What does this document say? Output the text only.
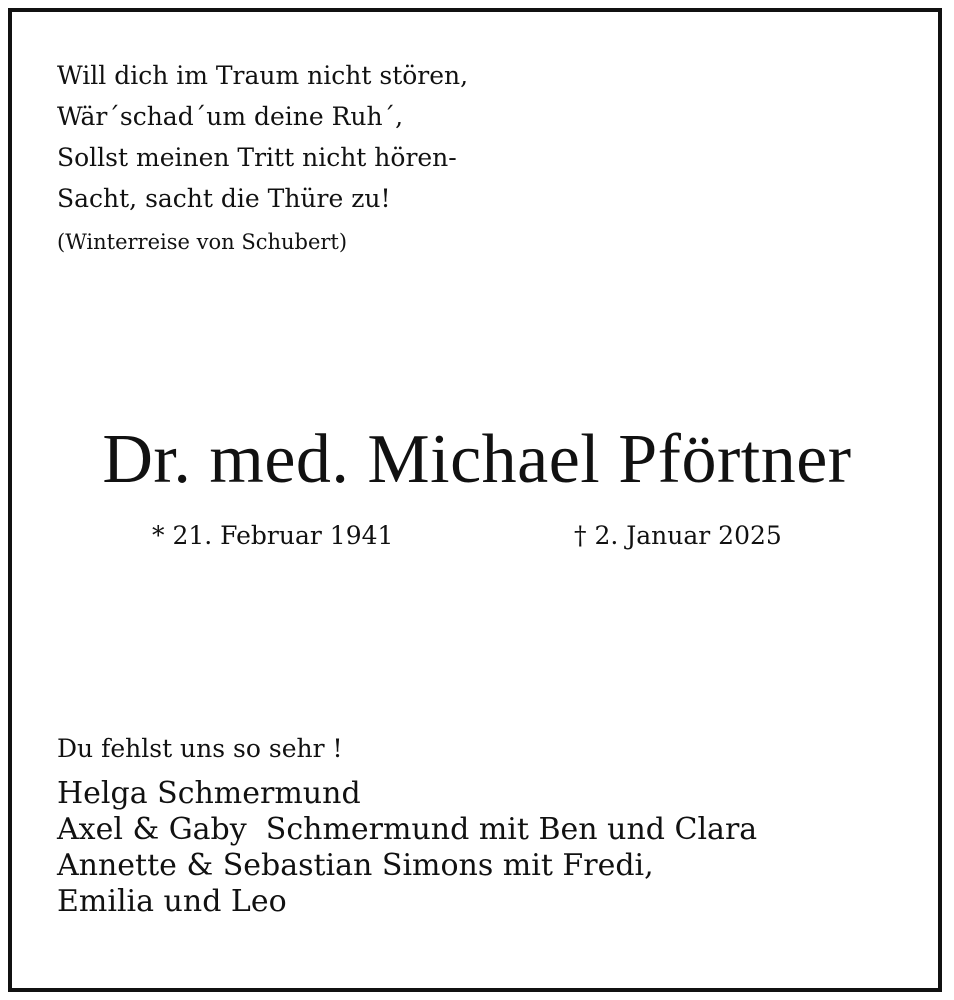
Will dich im Traum nicht stören,
Wär´schad´um deine Ruh´,
Sollst meinen Tritt nicht hören-
Sacht, sacht die Thüre zu!
(Winterreise von Schubert)
Dr. med. Michael Pförtner
* 21. Februar 1941	† 2. Januar 2025
Du fehlst uns so sehr !
Helga Schmermund
Axel & Gaby  Schmermund mit Ben und Clara
Annette & Sebastian Simons mit Fredi,
Emilia und Leo
